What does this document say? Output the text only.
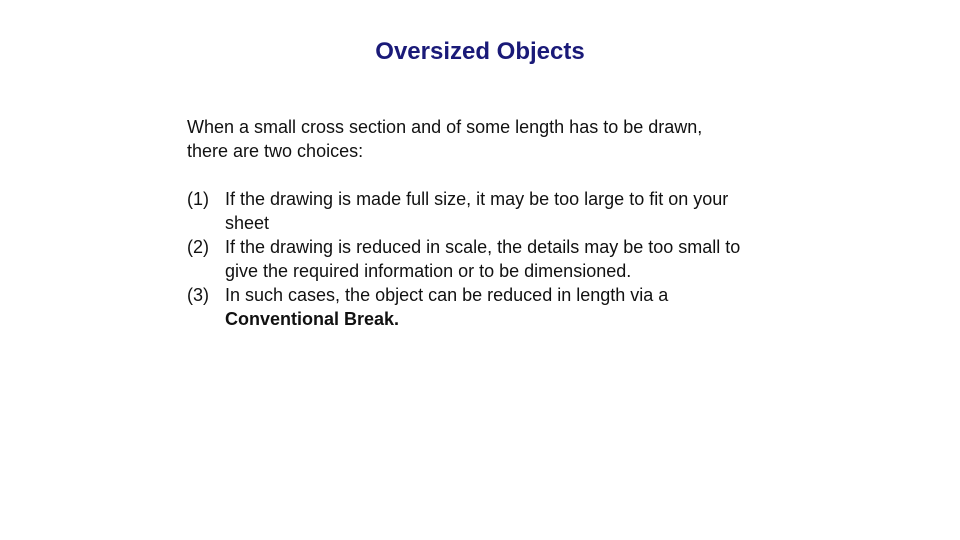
Oversized Objects

When a small cross section and of some length has to be drawn, there are two choices:

(1) If the drawing is made full size, it may be too large to fit on your sheet
(2) If the drawing is reduced in scale, the details may be too small to give the required information or to be dimensioned.
(3) In such cases, the object can be reduced in length via a
Conventional Break.
